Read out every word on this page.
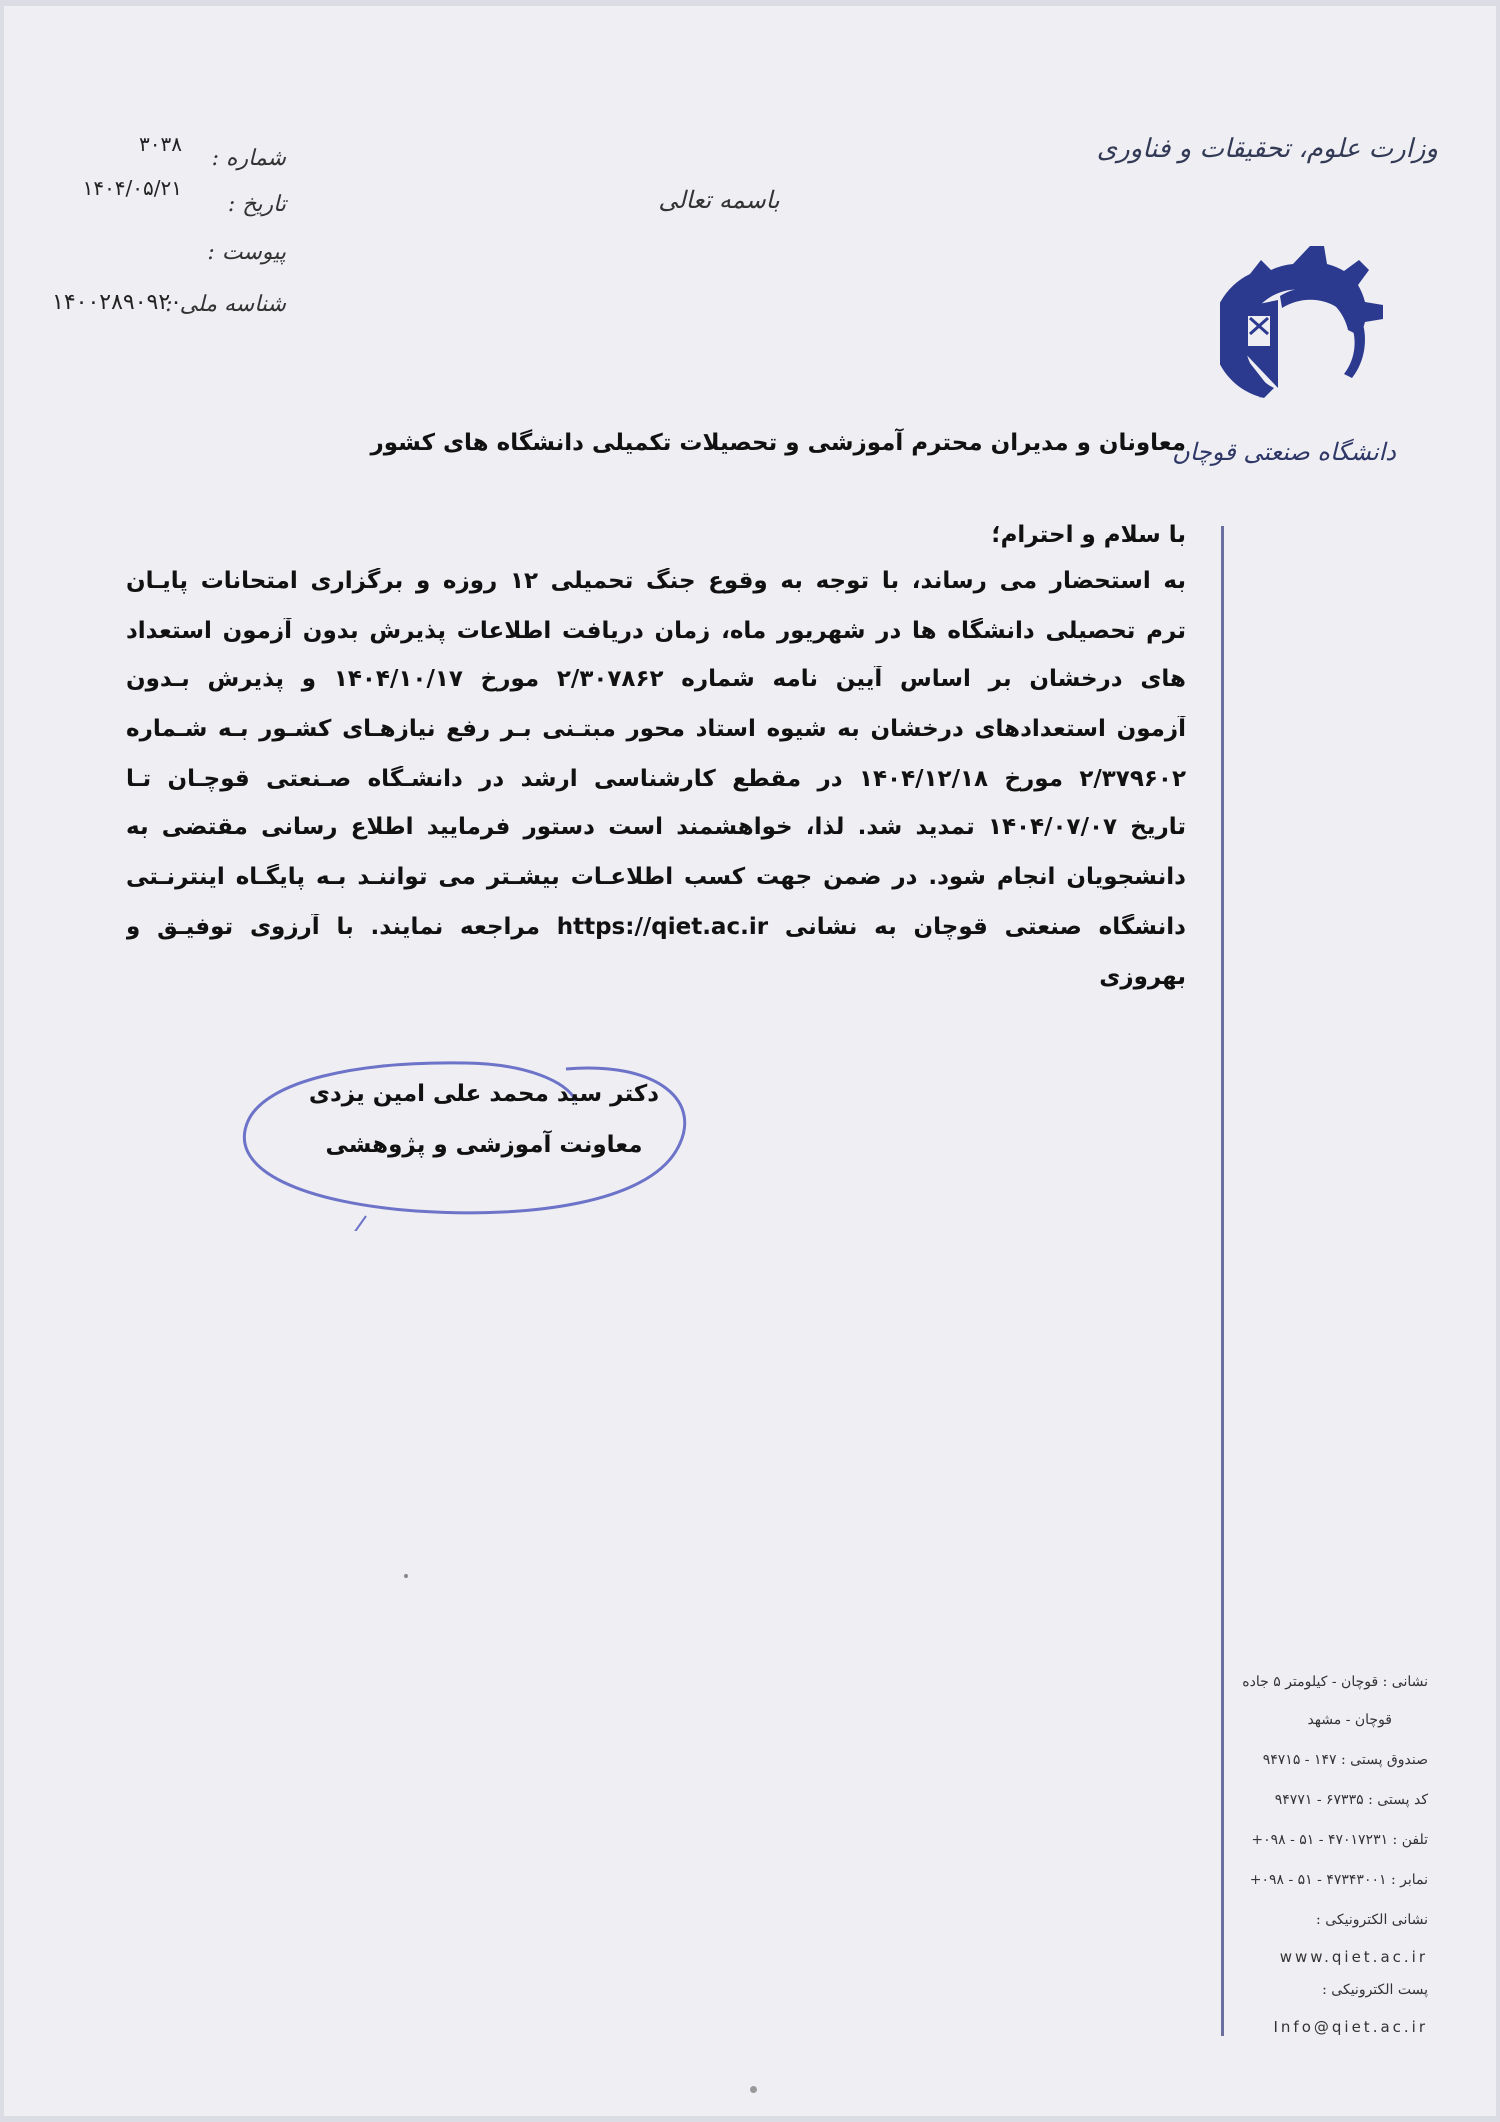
وزارت علوم، تحقیقات و فناوری
دانشگاه صنعتی قوچان
باسمه تعالی
شماره :
۳۰۳۸
تاریخ :
۱۴۰۴/۰۵/۲۱
پیوست :
شناسه ملی :
۱۴۰۰۲۸۹۰۹۲۰
معاونان و مدیران محترم آموزشی و تحصیلات تکمیلی دانشگاه های کشور
با سلام و احترام؛
به استحضار می رساند، با توجه به وقوع جنگ تحمیلی ۱۲ روزه و برگزاری امتحانات پایـان
ترم تحصیلی دانشگاه ها در شهریور ماه، زمان دریافت اطلاعات پذیرش بدون آزمون استعداد
های درخشان بر اساس آیین نامه شماره ۲/۳۰۷۸۶۲ مورخ ۱۴۰۴/۱۰/۱۷ و پذیرش بـدون
آزمون استعدادهای درخشان به شیوه استاد محور مبتـنی بـر رفع نیازهـای کشـور بـه شـماره
۲/۳۷۹۶۰۲ مورخ ۱۴۰۴/۱۲/۱۸ در مقطع کارشناسی ارشد در دانشـگاه صـنعتی قوچـان تـا
تاریخ ۱۴۰۴/۰۷/۰۷ تمدید شد. لذا، خواهشمند است دستور فرمایید اطلاع رسانی مقتضی به
دانشجویان انجام شود. در ضمن جهت کسب اطلاعـات بیشـتر می تواننـد بـه پایگـاه اینترنـتی
دانشگاه صنعتی قوچان به نشانی https://qiet.ac.ir مراجعه نمایند. با آرزوی توفیـق و
بهروزی
دکتر سید محمد علی امین یزدی
معاونت آموزشی و پژوهشی
نشانی : قوچان - کیلومتر ۵ جاده
قوچان - مشهد
صندوق پستی : ۱۴۷ - ۹۴۷۱۵
کد پستی : ۶۷۳۳۵ - ۹۴۷۷۱
تلفن : ۴۷۰۱۷۲۳۱ - ۵۱ - ۰۹۸+
نمابر : ۴۷۳۴۳۰۰۱ - ۵۱ - ۰۹۸+
نشانی الکترونیکی :
www.qiet.ac.ir
پست الکترونیکی :
Info@qiet.ac.ir
